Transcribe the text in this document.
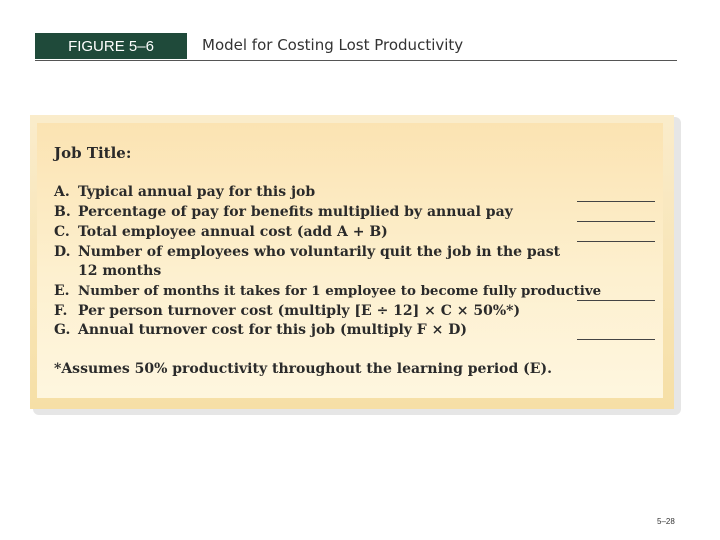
FIGURE 5–6	Model for Costing Lost Productivity
Job Title:
A. Typical annual pay for this job
B. Percentage of pay for benefits multiplied by annual pay
C. Total employee annual cost (add A + B)
D. Number of employees who voluntarily quit the job in the past
12 months
E. Number of months it takes for 1 employee to become fully productive
F. Per person turnover cost (multiply [E ÷ 12] × C × 50%*)
G. Annual turnover cost for this job (multiply F × D)
*Assumes 50% productivity throughout the learning period (E).
5–28
